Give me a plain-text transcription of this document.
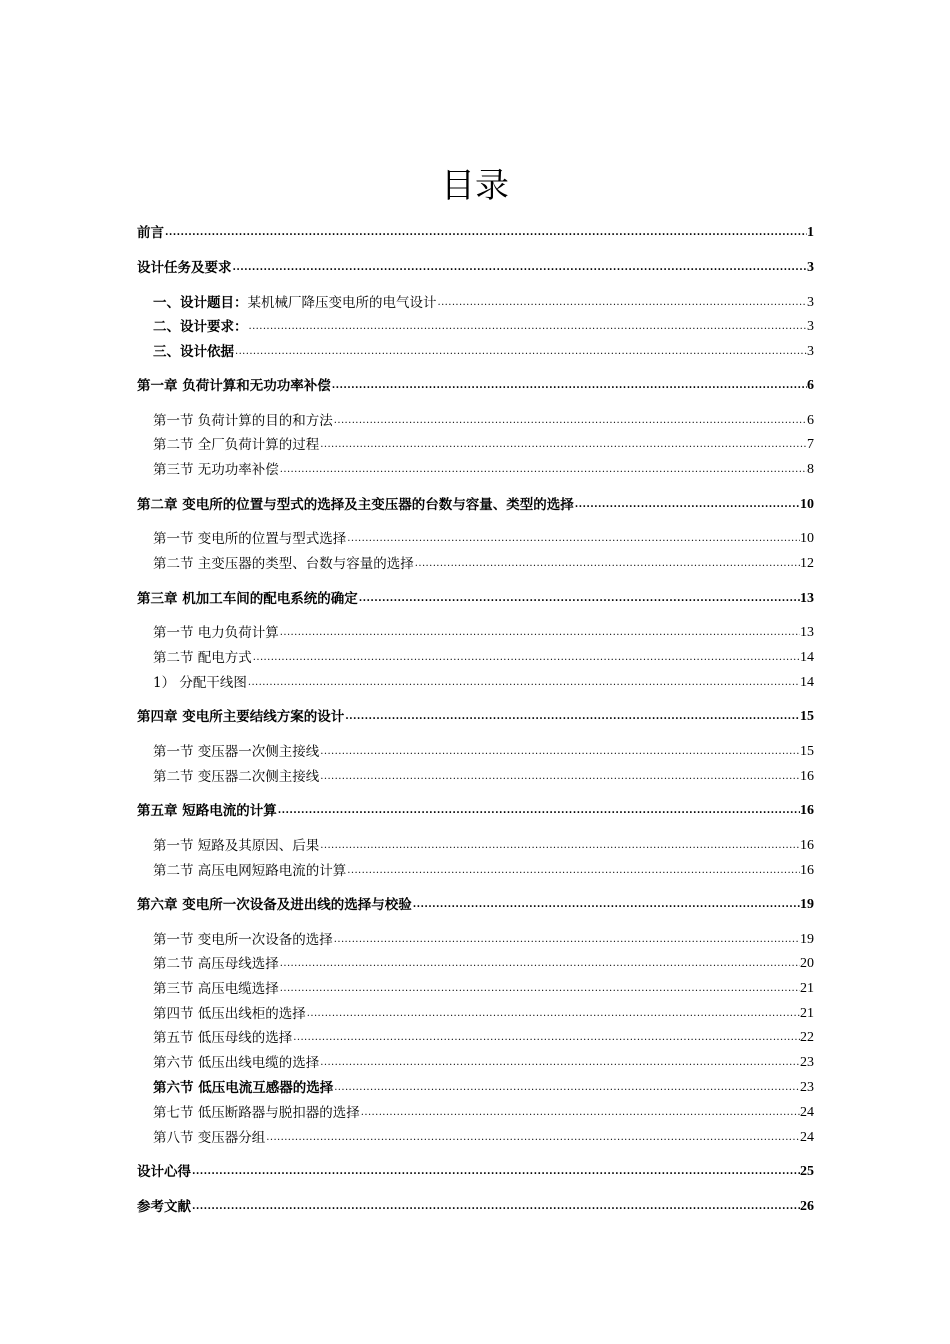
目录
前言 .....	1
设计任务及要求 .....	3
一、设计题目：某机械厂降压变电所的电气设计 .....	3
二、设计要求： .....	3
三、设计依据 .....	3
第一章 负荷计算和无功功率补偿 .....	6
第一节 负荷计算的目的和方法 .....	6
第二节 全厂负荷计算的过程 .....	7
第三节 无功功率补偿 .....	8
第二章 变电所的位置与型式的选择及主变压器的台数与容量、类型的选择 .....	10
第一节 变电所的位置与型式选择 .....	10
第二节 主变压器的类型、台数与容量的选择 .....	12
第三章 机加工车间的配电系统的确定 .....	13
第一节 电力负荷计算 .....	13
第二节 配电方式 .....	14
1） 分配干线图 .....	14
第四章 变电所主要结线方案的设计 .....	15
第一节 变压器一次侧主接线 .....	15
第二节 变压器二次侧主接线 .....	16
第五章 短路电流的计算 .....	16
第一节 短路及其原因、后果 .....	16
第二节 高压电网短路电流的计算 .....	16
第六章 变电所一次设备及进出线的选择与校验 .....	19
第一节 变电所一次设备的选择 .....	19
第二节 高压母线选择 .....	20
第三节 高压电缆选择 .....	21
第四节 低压出线柜的选择 .....	21
第五节 低压母线的选择 .....	22
第六节 低压出线电缆的选择 .....	23
第六节 低压电流互感器的选择 .....	23
第七节 低压断路器与脱扣器的选择 .....	24
第八节 变压器分组 .....	24
设计心得 .....	25
参考文献 .....	26
